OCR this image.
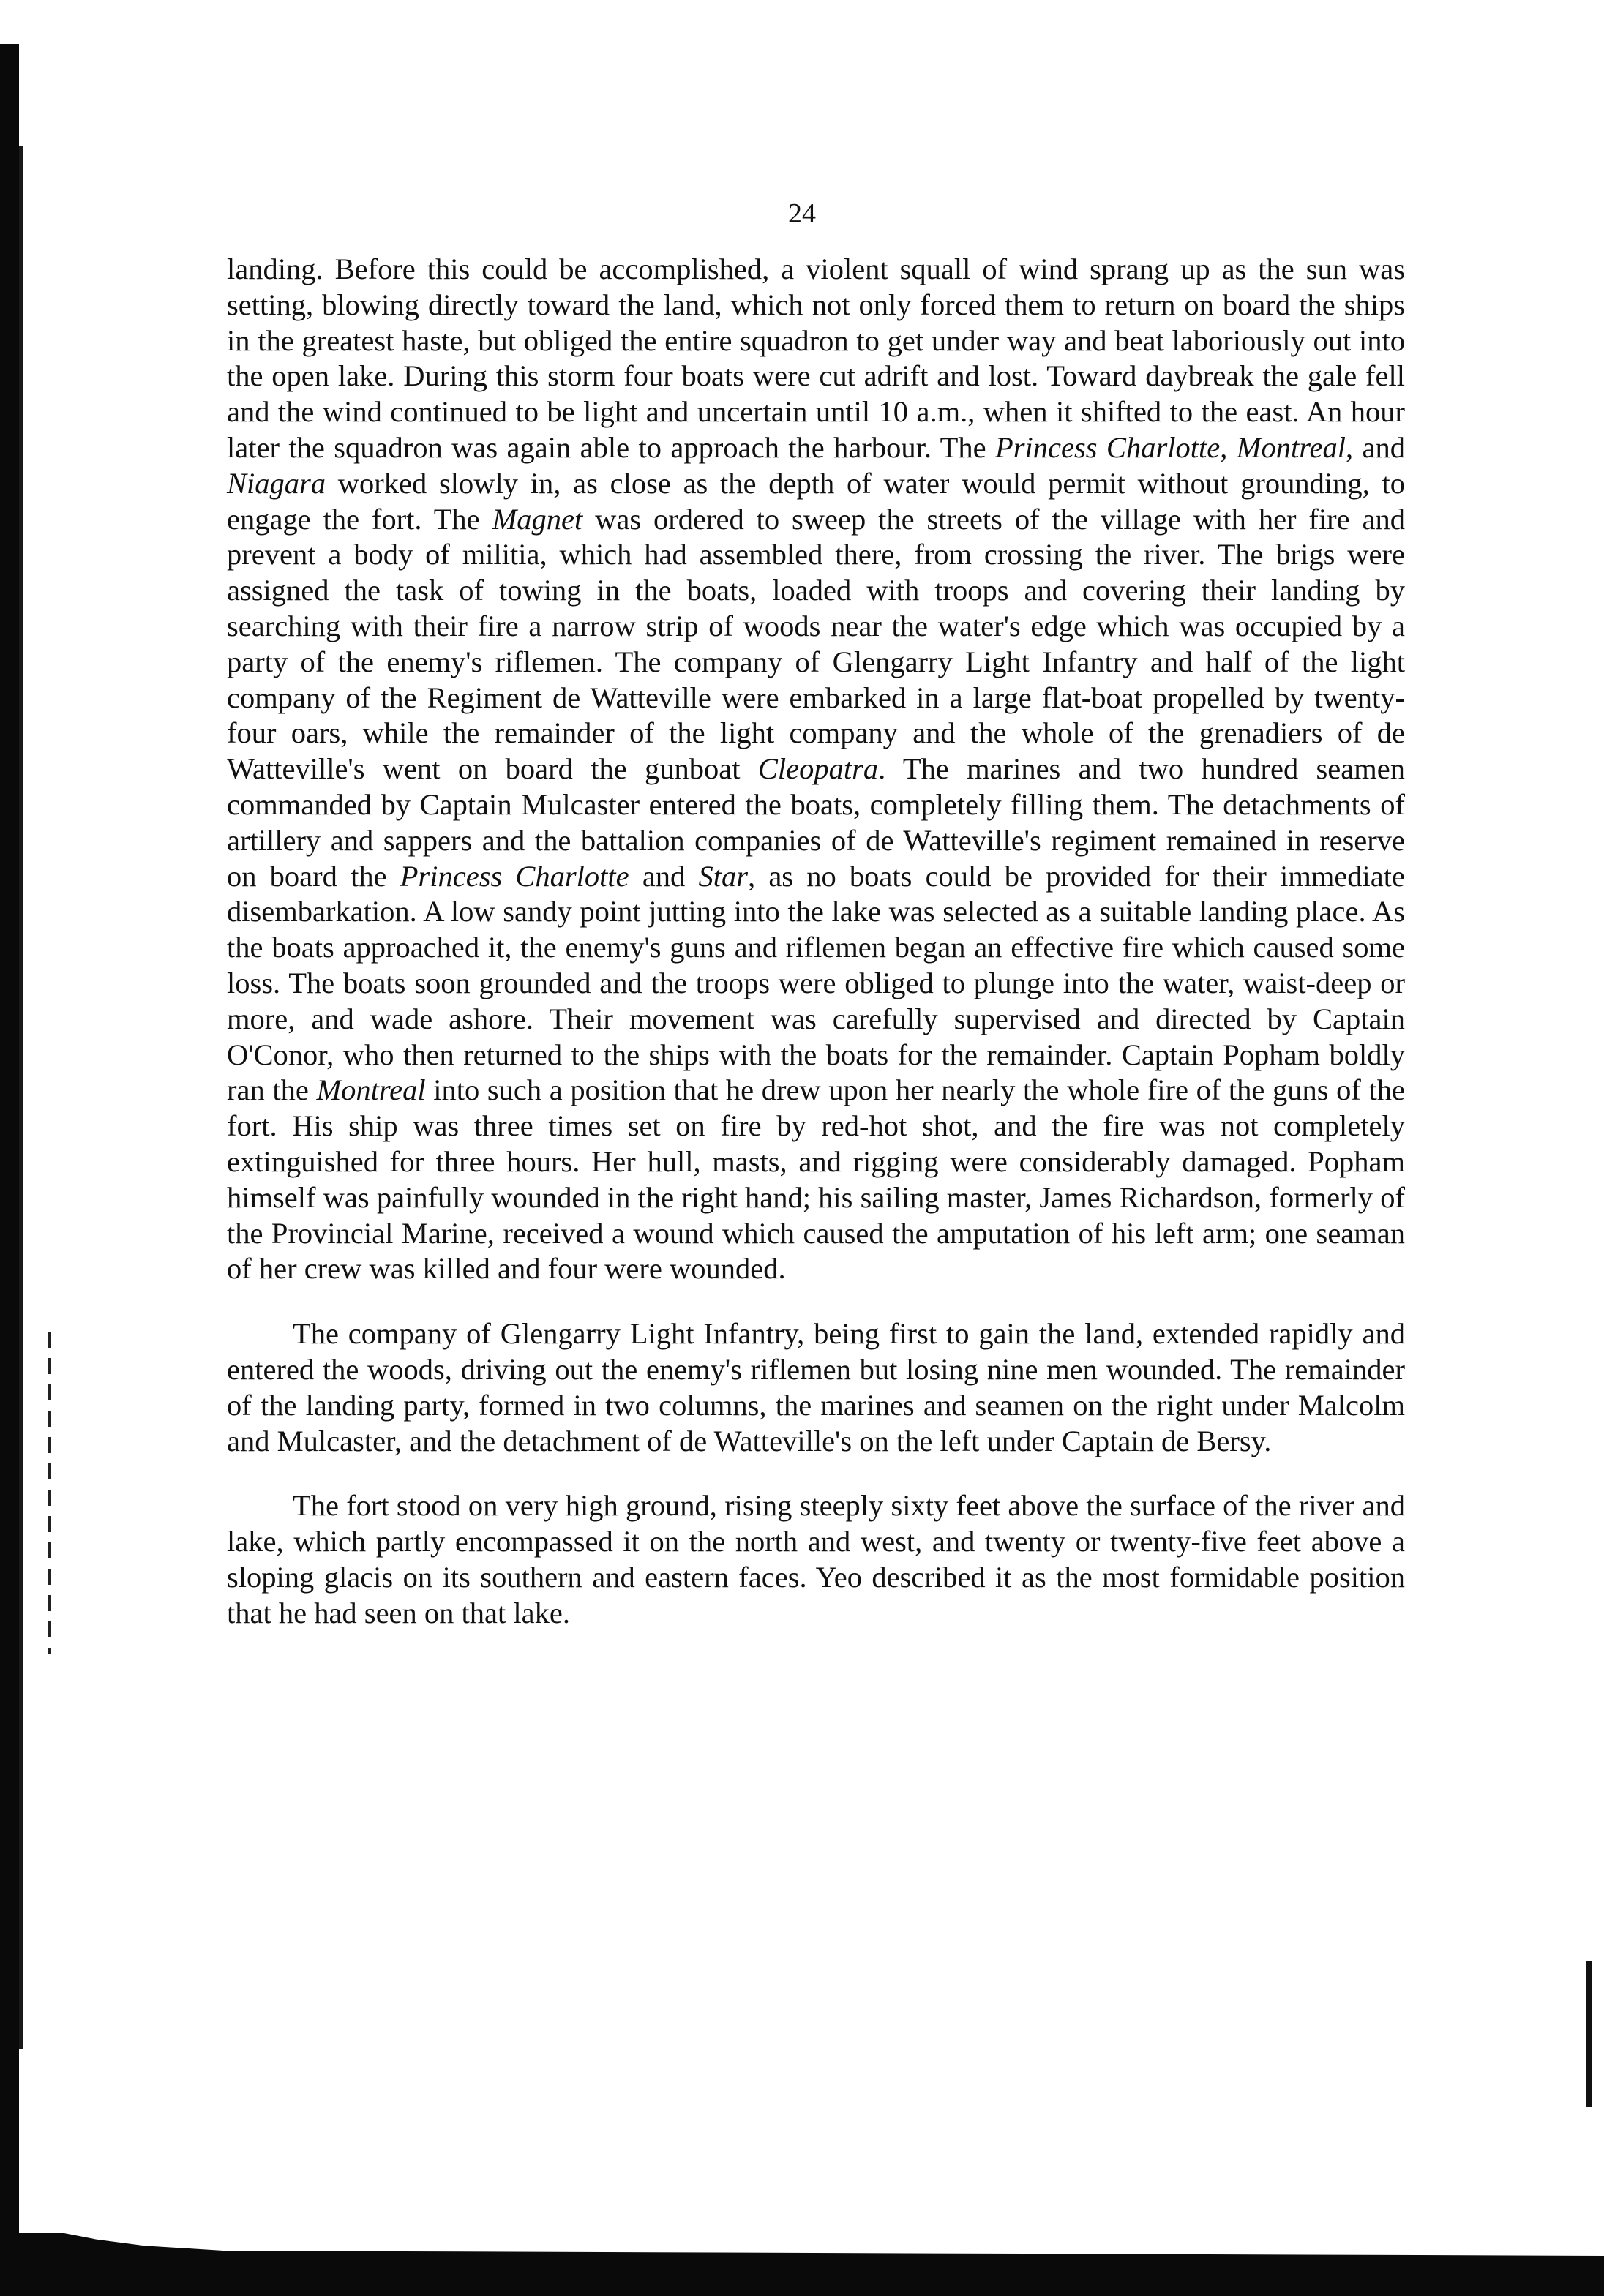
24

landing. Before this could be accomplished, a violent squall of wind sprang up as the sun was setting, blowing directly toward the land, which not only forced them to return on board the ships in the greatest haste, but obliged the entire squadron to get under way and beat laboriously out into the open lake. During this storm four boats were cut adrift and lost. Toward daybreak the gale fell and the wind continued to be light and uncertain until 10 a.m., when it shifted to the east. An hour later the squadron was again able to approach the harbour. The Princess Charlotte, Montreal, and Niagara worked slowly in, as close as the depth of water would permit without grounding, to engage the fort. The Magnet was ordered to sweep the streets of the village with her fire and prevent a body of militia, which had assembled there, from crossing the river. The brigs were assigned the task of towing in the boats, loaded with troops and covering their landing by searching with their fire a narrow strip of woods near the water's edge which was occupied by a party of the enemy's riflemen. The company of Glengarry Light Infantry and half of the light company of the Regiment de Watteville were embarked in a large flat-boat propelled by twenty-four oars, while the remainder of the light company and the whole of the grenadiers of de Watteville's went on board the gunboat Cleopatra. The marines and two hundred seamen commanded by Captain Mulcaster entered the boats, completely filling them. The detachments of artillery and sappers and the battalion companies of de Watteville's regiment remained in reserve on board the Princess Charlotte and Star, as no boats could be provided for their immediate disembarkation. A low sandy point jutting into the lake was selected as a suitable landing place. As the boats approached it, the enemy's guns and riflemen began an effective fire which caused some loss. The boats soon grounded and the troops were obliged to plunge into the water, waist-deep or more, and wade ashore. Their movement was carefully supervised and directed by Captain O'Conor, who then returned to the ships with the boats for the remainder. Captain Popham boldly ran the Montreal into such a position that he drew upon her nearly the whole fire of the guns of the fort. His ship was three times set on fire by red-hot shot, and the fire was not completely extinguished for three hours. Her hull, masts, and rigging were considerably damaged. Popham himself was painfully wounded in the right hand; his sailing master, James Richardson, formerly of the Provincial Marine, received a wound which caused the amputation of his left arm; one seaman of her crew was killed and four were wounded.

The company of Glengarry Light Infantry, being first to gain the land, extended rapidly and entered the woods, driving out the enemy's riflemen but losing nine men wounded. The remainder of the landing party, formed in two columns, the marines and seamen on the right under Malcolm and Mulcaster, and the detachment of de Watteville's on the left under Captain de Bersy.

The fort stood on very high ground, rising steeply sixty feet above the surface of the river and lake, which partly encompassed it on the north and west, and twenty or twenty-five feet above a sloping glacis on its southern and eastern faces. Yeo described it as the most formidable position that he had seen on that lake.
